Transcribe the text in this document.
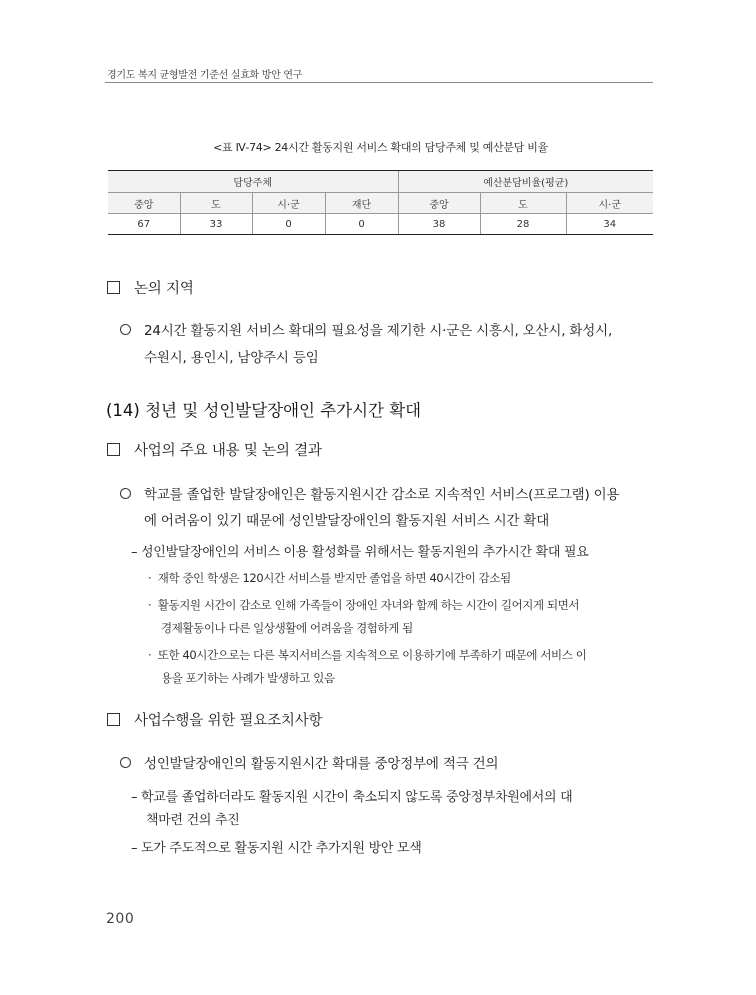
경기도 복지 균형발전 기준선 실효화 방안 연구
<표 Ⅳ-74> 24시간 활동지원 서비스 확대의 담당주체 및 예산분담 비율
담당주체				예산분담비율(평균)		
중앙	도	시·군	재단	중앙	도	시·군
67	33	0	0	38	28	34
논의 지역
24시간 활동지원 서비스 확대의 필요성을 제기한 시·군은 시흥시, 오산시, 화성시,
수원시, 용인시, 남양주시 등임
(14) 청년 및 성인발달장애인 추가시간 확대
사업의 주요 내용 및 논의 결과
학교를 졸업한 발달장애인은 활동지원시간 감소로 지속적인 서비스(프로그램) 이용
에 어려움이 있기 때문에 성인발달장애인의 활동지원 서비스 시간 확대
– 성인발달장애인의 서비스 이용 활성화를 위해서는 활동지원의 추가시간 확대 필요
· 재학 중인 학생은 120시간 서비스를 받지만 졸업을 하면 40시간이 감소됨
· 활동지원 시간이 감소로 인해 가족들이 장애인 자녀와 함께 하는 시간이 길어지게 되면서
경제활동이나 다른 일상생활에 어려움을 경험하게 됨
· 또한 40시간으로는 다른 복지서비스를 지속적으로 이용하기에 부족하기 때문에 서비스 이
용을 포기하는 사례가 발생하고 있음
사업수행을 위한 필요조치사항
성인발달장애인의 활동지원시간 확대를 중앙정부에 적극 건의
– 학교를 졸업하더라도 활동지원 시간이 축소되지 않도록 중앙정부차원에서의 대
책마련 건의 추진
– 도가 주도적으로 활동지원 시간 추가지원 방안 모색
200
